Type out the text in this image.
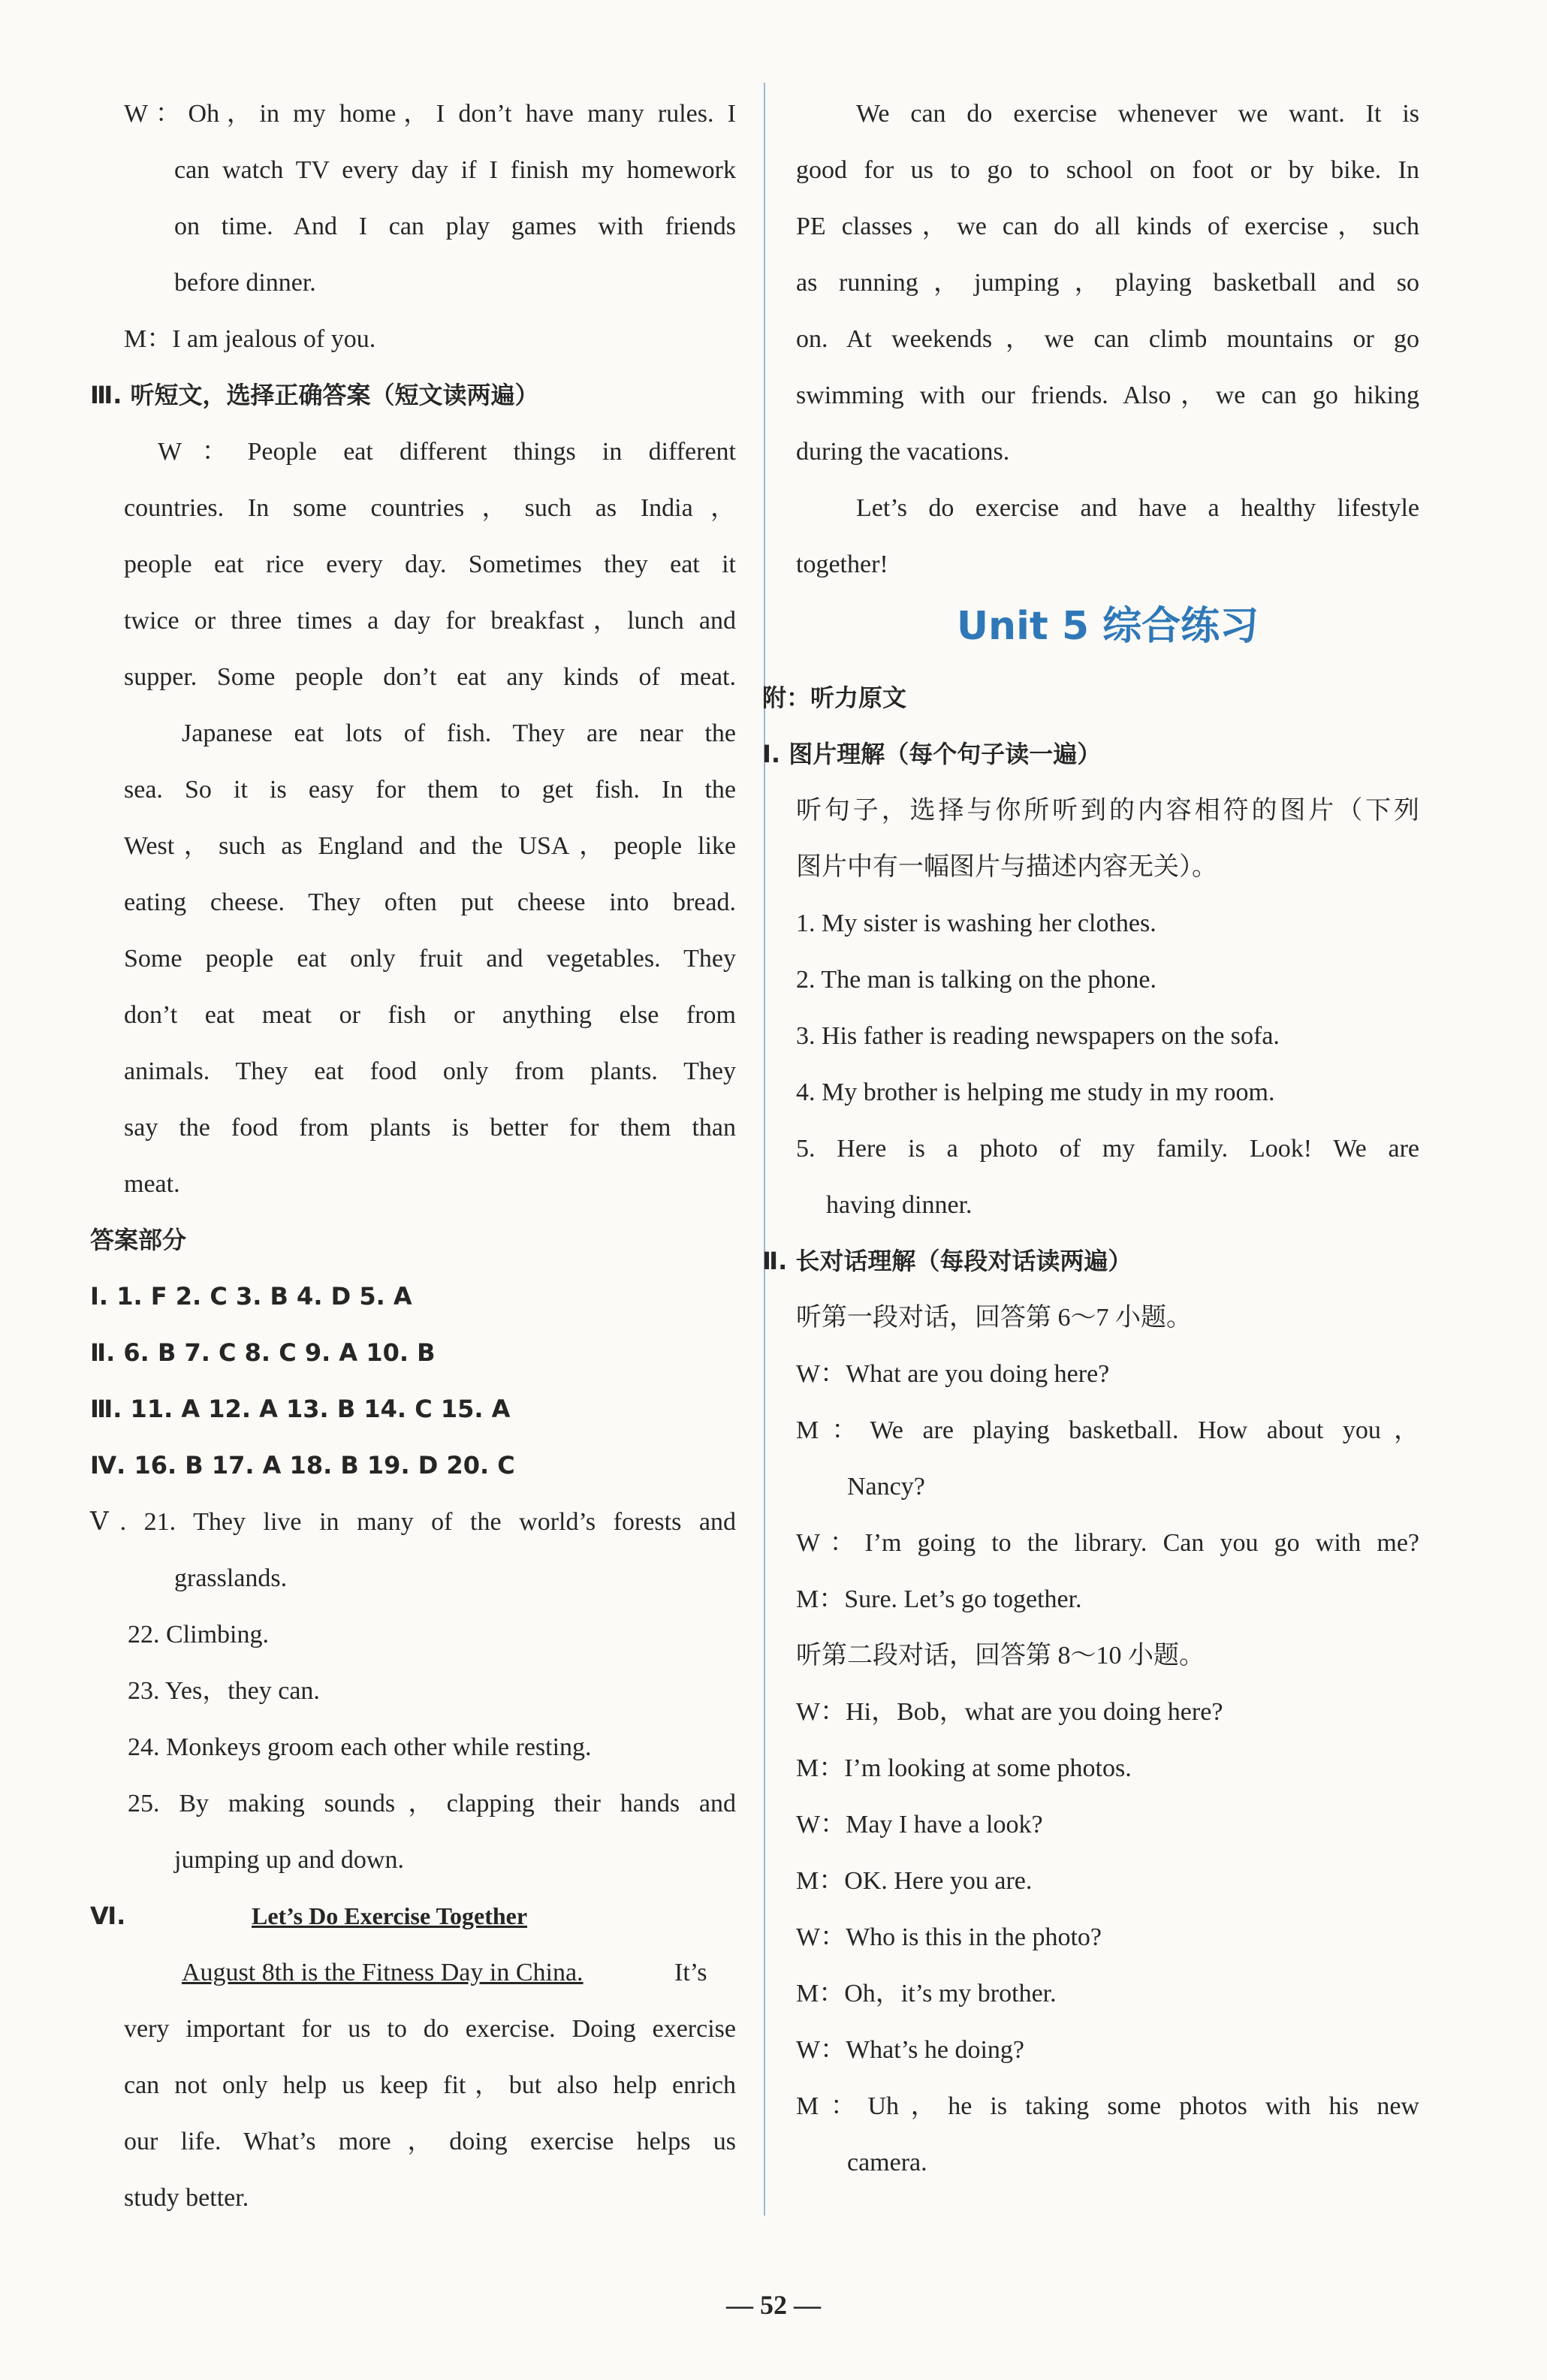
W：Oh，in my home，I don’t have many rules. I
can watch TV every day if I finish my homework
on time. And I can play games with friends
before dinner.
M：I am jealous of you.
Ⅲ. 听短文，选择正确答案（短文读两遍）
W：People eat different things in different
countries. In some countries，such as India，
people eat rice every day. Sometimes they eat it
twice or three times a day for breakfast，lunch and
supper. Some people don’t eat any kinds of meat.
Japanese eat lots of fish. They are near the
sea. So it is easy for them to get fish. In the
West，such as England and the USA，people like
eating cheese. They often put cheese into bread.
Some people eat only fruit and vegetables. They
don’t eat meat or fish or anything else from
animals. They eat food only from plants. They
say the food from plants is better for them than
meat.
答案部分
Ⅰ. 1. F 2. C 3. B 4. D 5. A
Ⅱ. 6. B 7. C 8. C 9. A 10. B
Ⅲ. 11. A 12. A 13. B 14. C 15. A
Ⅳ. 16. B 17. A 18. B 19. D 20. C
Ⅴ. 21. They live in many of the world’s forests and
grasslands.
22. Climbing.
23. Yes，they can.
24. Monkeys groom each other while resting.
25. By making sounds，clapping their hands and
jumping up and down.
Ⅵ.	Let’s Do Exercise Together
August 8th is the Fitness Day in China.	It’s
very important for us to do exercise. Doing exercise
can not only help us keep fit，but also help enrich
our life. What’s more，doing exercise helps us
study better.
We can do exercise whenever we want. It is
good for us to go to school on foot or by bike. In
PE classes，we can do all kinds of exercise，such
as running，jumping，playing basketball and so
on. At weekends，we can climb mountains or go
swimming with our friends. Also，we can go hiking
during the vacations.
Let’s do exercise and have a healthy lifestyle
together!
附：听力原文
Ⅰ. 图片理解（每个句子读一遍）
听句子，选择与你所听到的内容相符的图片（下列
图片中有一幅图片与描述内容无关）。
1. My sister is washing her clothes.
2. The man is talking on the phone.
3. His father is reading newspapers on the sofa.
4. My brother is helping me study in my room.
5. Here is a photo of my family. Look! We are
having dinner.
Ⅱ. 长对话理解（每段对话读两遍）
听第一段对话，回答第 6～7 小题。
W：What are you doing here?
M：We are playing basketball. How about you，
Nancy?
W：I’m going to the library. Can you go with me?
M：Sure. Let’s go together.
听第二段对话，回答第 8～10 小题。
W：Hi，Bob，what are you doing here?
M：I’m looking at some photos.
W：May I have a look?
M：OK. Here you are.
W：Who is this in the photo?
M：Oh，it’s my brother.
W：What’s he doing?
M：Uh，he is taking some photos with his new
camera.
Unit 5 综合练习
— 52 —
